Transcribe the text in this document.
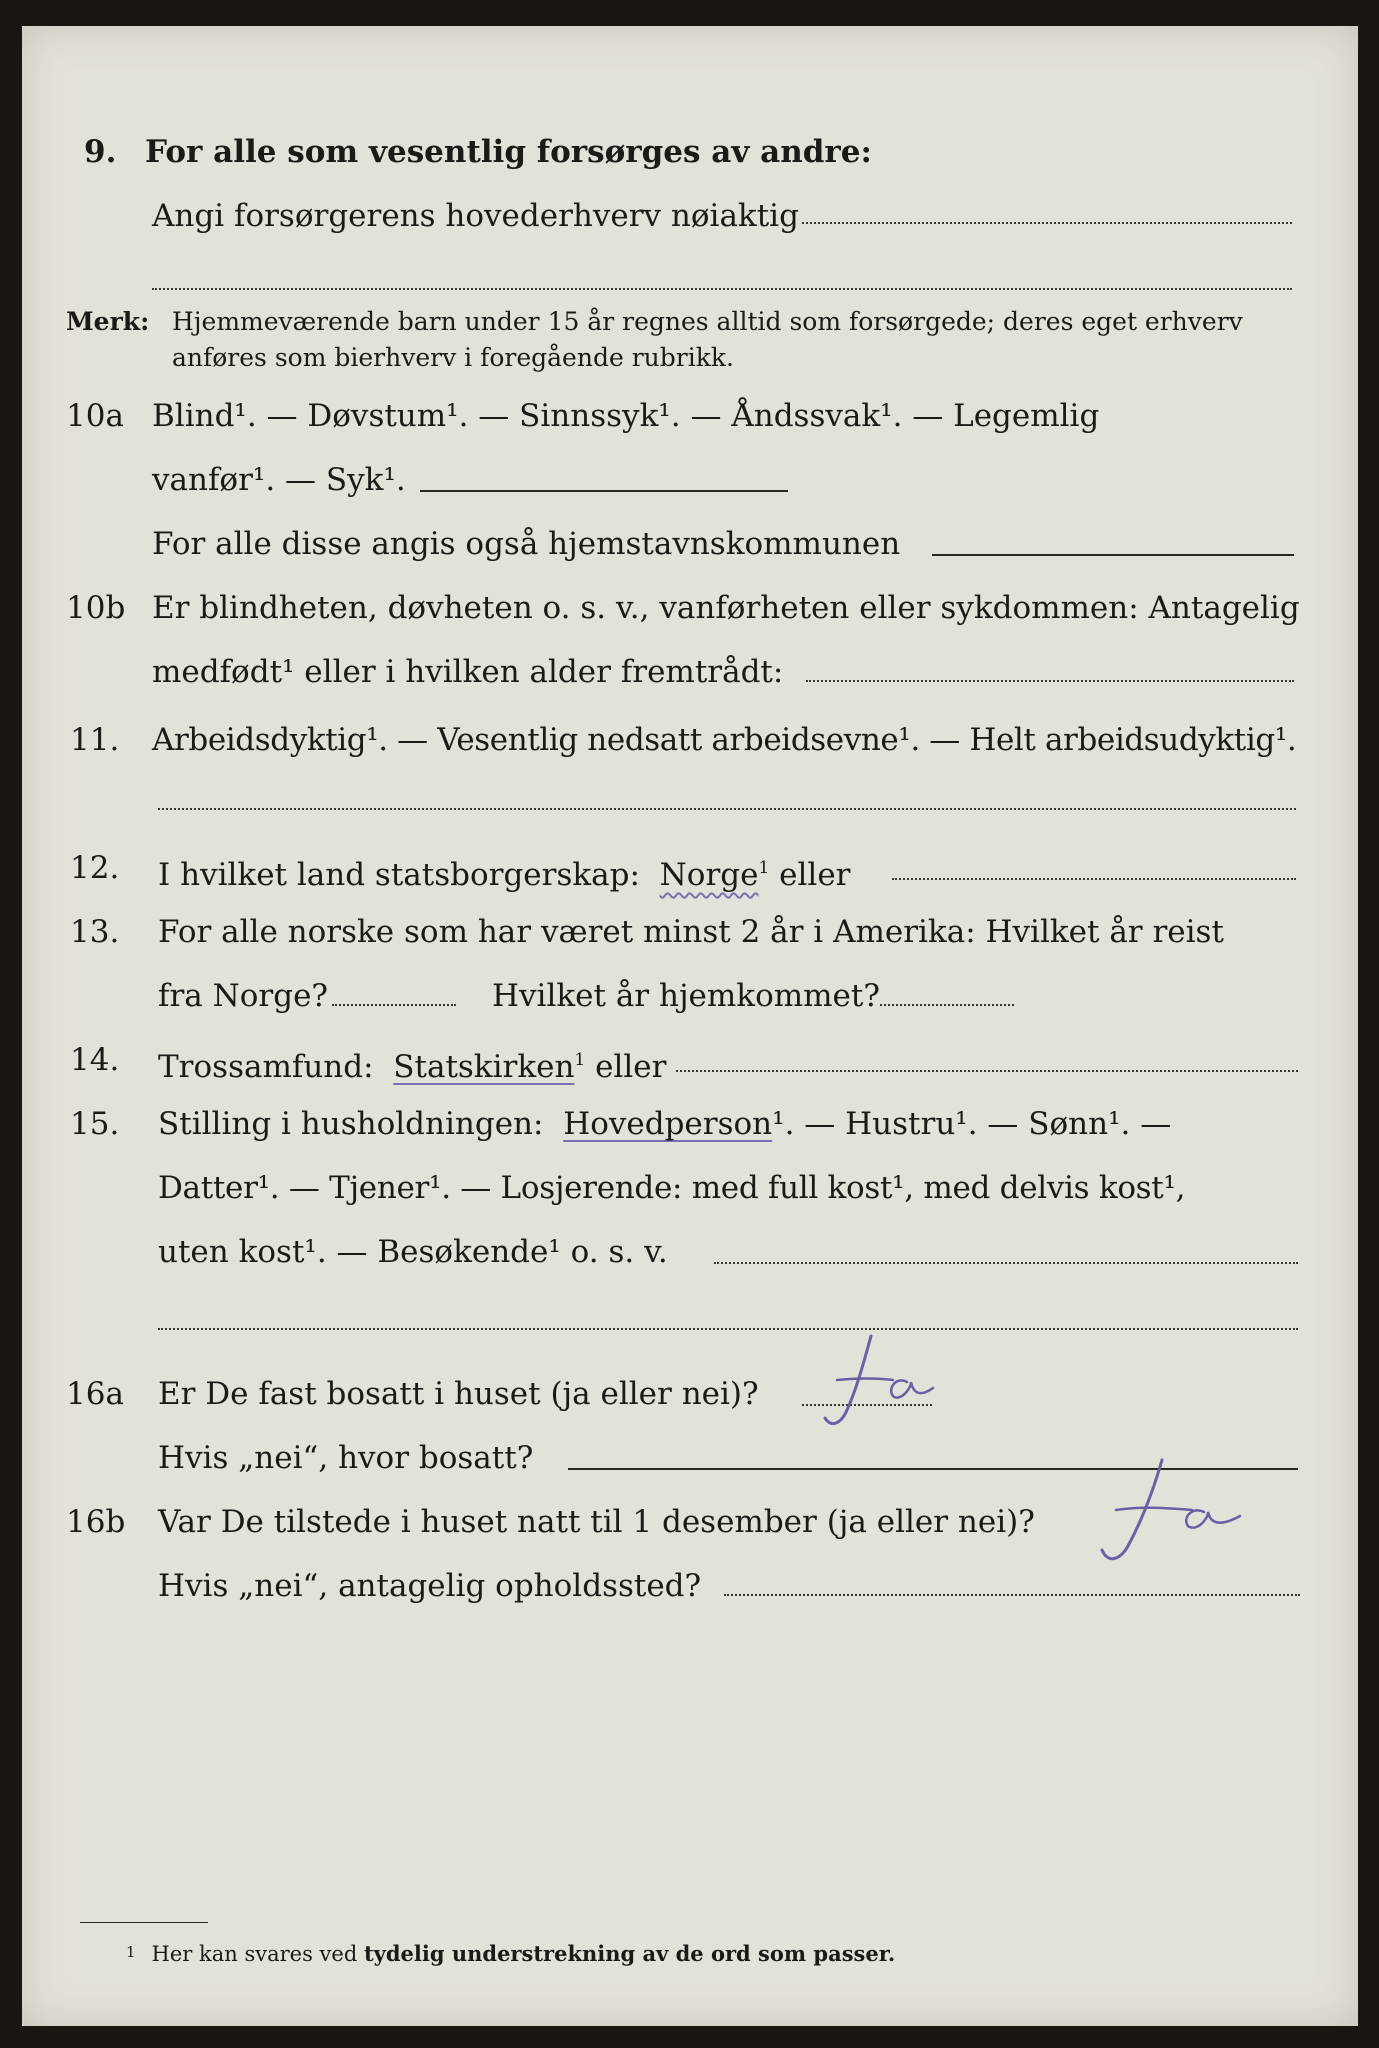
9. For alle som vesentlig forsørges av andre:
Angi forsørgerens hovederhverv nøiaktig
Merk: Hjemmeværende barn under 15 år regnes alltid som forsørgede; deres eget erhverv
anføres som bierhverv i foregående rubrikk.
10a Blind¹. — Døvstum¹. — Sinnssyk¹. — Åndssvak¹. — Legemlig
vanfør¹. — Syk¹.
For alle disse angis også hjemstavnskommunen
10b Er blindheten, døvheten o. s. v., vanførheten eller sykdommen: Antagelig
medfødt¹ eller i hvilken alder fremtrådt:
11. Arbeidsdyktig¹. — Vesentlig nedsatt arbeidsevne¹. — Helt arbeidsudyktig¹.
12. I hvilket land statsborgerskap: Norge$^1$ eller
13. For alle norske som har været minst 2 år i Amerika: Hvilket år reist
fra Norge?	Hvilket år hjemkommet?
14. Trossamfund: Statskirken$^1$ eller
15. Stilling i husholdningen: Hovedperson¹. — Hustru¹. — Sønn¹. —
Datter¹. — Tjener¹. — Losjerende: med full kost¹, med delvis kost¹,
uten kost¹. — Besøkende¹ o. s. v.
16a Er De fast bosatt i huset (ja eller nei)?
Hvis „nei“, hvor bosatt?
16b Var De tilstede i huset natt til 1 desember (ja eller nei)?
Hvis „nei“, antagelig opholdssted?
1 Her kan svares ved tydelig understrekning av de ord som passer.
